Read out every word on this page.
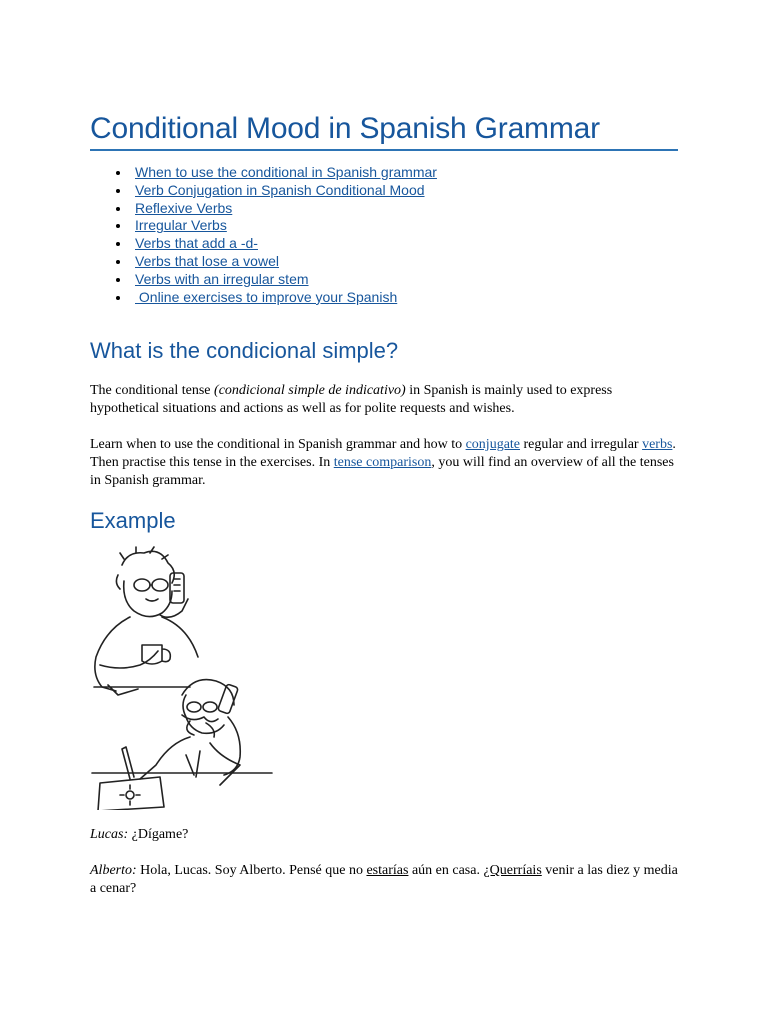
Conditional Mood in Spanish Grammar
When to use the conditional in Spanish grammar
Verb Conjugation in Spanish Conditional Mood
Reflexive Verbs
Irregular Verbs
Verbs that add a -d-
Verbs that lose a vowel
Verbs with an irregular stem
Online exercises to improve your Spanish
What is the condicional simple?

The conditional tense (condicional simple de indicativo) in Spanish is mainly used to express hypothetical situations and actions as well as for polite requests and wishes.

Learn when to use the conditional in Spanish grammar and how to conjugate regular and irregular verbs. Then practise this tense in the exercises. In tense comparison, you will find an overview of all the tenses in Spanish grammar.

Example

Lucas: ¿Dígame?

Alberto: Hola, Lucas. Soy Alberto. Pensé que no estarías aún en casa. ¿Querríais venir a las diez y media a cenar?
